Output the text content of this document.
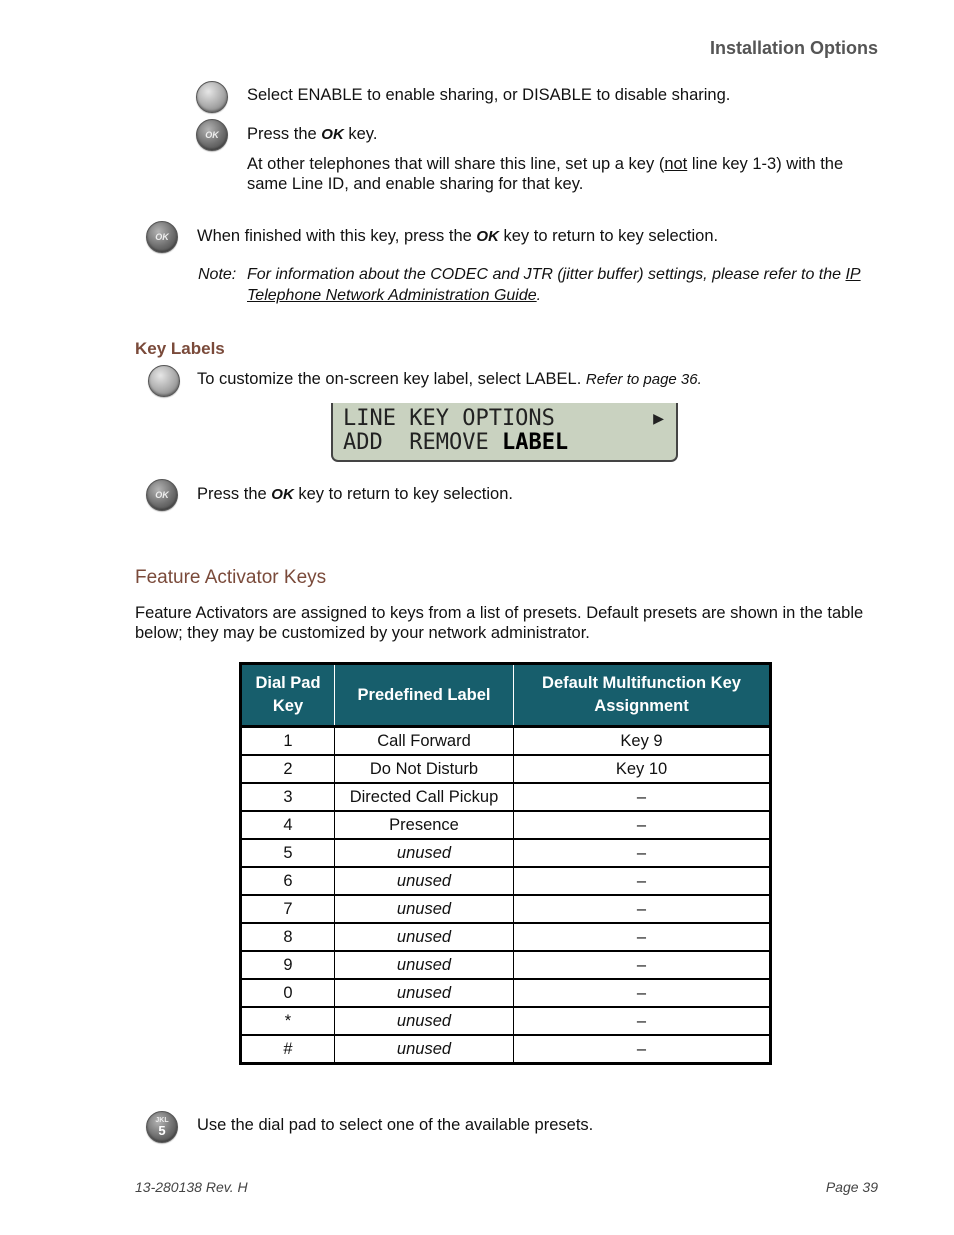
Installation Options
Select ENABLE to enable sharing, or DISABLE to disable sharing.
OK Press the OK key.
At other telephones that will share this line, set up a key (not line key 1-3) with the same Line ID, and enable sharing for that key.
OK When finished with this key, press the OK key to return to key selection.
Note: For information about the CODEC and JTR (jitter buffer) settings, please refer to the IP Telephone Network Administration Guide.
Key Labels
To customize the on-screen key label, select LABEL. Refer to page 36.
LINE KEY OPTIONS	▶
ADD  REMOVE LABEL
OK Press the OK key to return to key selection.
Feature Activator Keys
Feature Activators are assigned to keys from a list of presets. Default presets are shown in the table below; they may be customized by your network administrator.
Dial Pad Key	Predefined Label	Default Multifunction Key Assignment
1	Call Forward	Key 9
2	Do Not Disturb	Key 10
3	Directed Call Pickup	–
4	Presence	–
5	unused	–
6	unused	–
7	unused	–
8	unused	–
9	unused	–
0	unused	–
*	unused	–
#	unused	–
JKL
5 Use the dial pad to select one of the available presets.
13-280138 Rev. H	Page 39
